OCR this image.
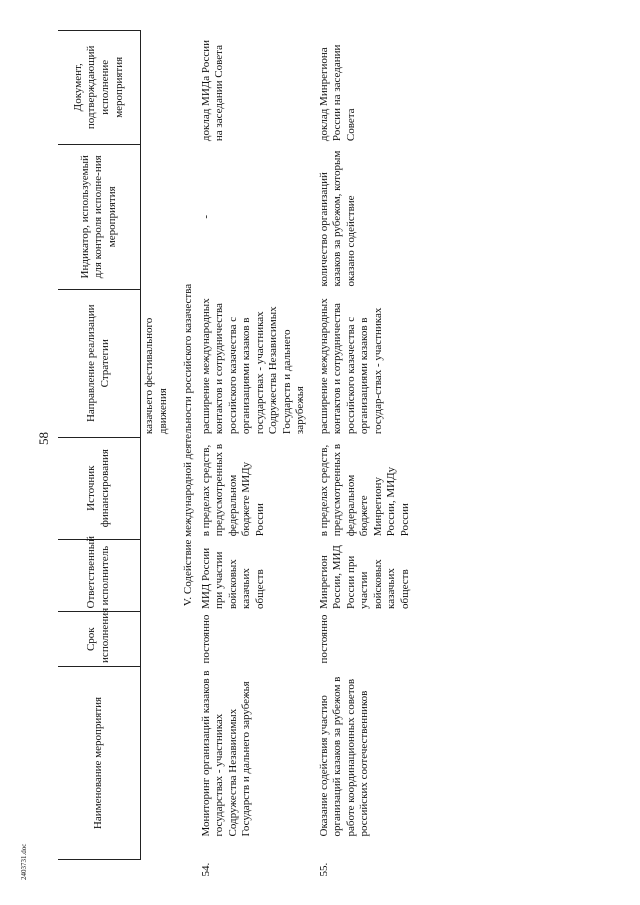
58
Наименование мероприятия	Срок исполнения	Ответственный исполнитель	Источник финансирования	Направление реализации Стратегии	Индикатор, используемый для контроля исполне-ния мероприятия	Документ, подтверждающий исполнение мероприятия
				казачьего фестивального движения		
V. Содействие международной деятельности российского казачества						

54.Мониторинг организаций казаков в государствах - участниках Содружества Независимых Государств и дальнего зарубежья	постоянно	МИД России при участии войсковых казачьих обществ	в пределах средств, предусмотренных в федеральном бюджете МИДу России	расширение международных контактов и сотрудничества российского казачества с организациями казаков в государствах - участниках Содружества Независимых Государств и дальнего зарубежья	-	доклад МИДа России на заседании Совета

55.Оказание содействия участию организаций казаков за рубежом в работе координационных советов российских соотечественников	постоянно	Минрегион России, МИД России при участии войсковых казачьих обществ	в пределах средств, предусмотренных в федеральном бюджете Минрегиону России, МИДу России	расширение международных контактов и сотрудничества российского казачества с организациями казаков в государ-ствах - участниках	количество организаций казаков за рубежом, которым оказано содействие	доклад Минрегиона России на заседании Совета
2403731.doc
